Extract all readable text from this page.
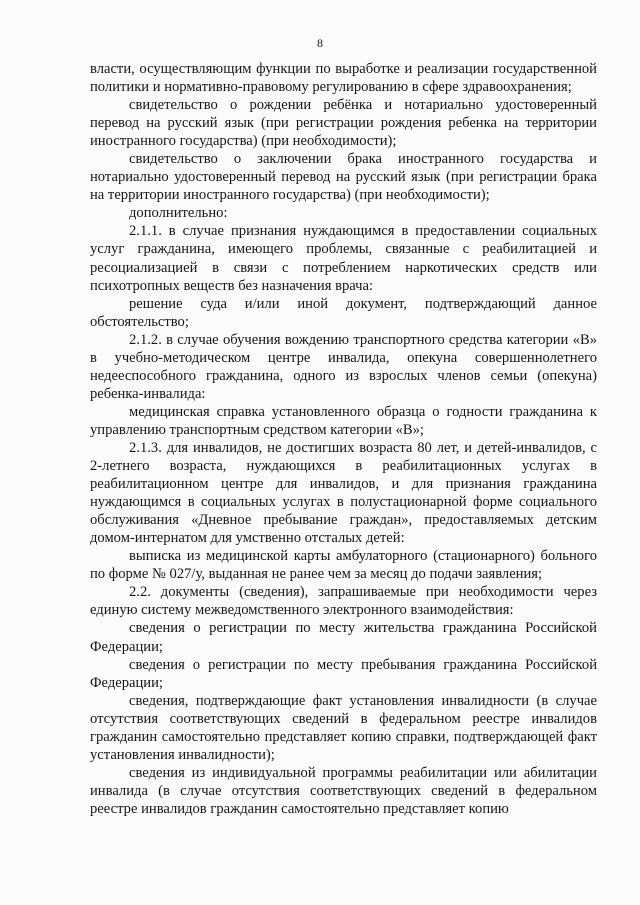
8

власти, осуществляющим функции по выработке и реализации государственной политики и нормативно-правовому регулированию в сфере здравоохранения;

свидетельство о рождении ребёнка и нотариально удостоверенный перевод на русский язык (при регистрации рождения ребенка на территории иностранного государства) (при необходимости);

свидетельство о заключении брака иностранного государства и нотариально удостоверенный перевод на русский язык (при регистрации брака на территории иностранного государства) (при необходимости);

дополнительно:

2.1.1. в случае признания нуждающимся в предоставлении социальных услуг гражданина, имеющего проблемы, связанные с реабилитацией и ресоциализацией в связи с потреблением наркотических средств или психотропных веществ без назначения врача:

решение суда и/или иной документ, подтверждающий данное обстоятельство;

2.1.2. в случае обучения вождению транспортного средства категории «В» в учебно-методическом центре инвалида, опекуна совершеннолетнего недееспособного гражданина, одного из взрослых членов семьи (опекуна) ребенка-инвалида:

медицинская справка установленного образца о годности гражданина к управлению транспортным средством категории «В»;

2.1.3. для инвалидов, не достигших возраста 80 лет, и детей-инвалидов, с 2-летнего возраста, нуждающихся в реабилитационных услугах в реабилитационном центре для инвалидов, и для признания гражданина нуждающимся в социальных услугах в полустационарной форме социального обслуживания «Дневное пребывание граждан», предоставляемых детским домом-интернатом для умственно отсталых детей:

выписка из медицинской карты амбулаторного (стационарного) больного по форме № 027/у, выданная не ранее чем за месяц до подачи заявления;

2.2. документы (сведения), запрашиваемые при необходимости через единую систему межведомственного электронного взаимодействия:

сведения о регистрации по месту жительства гражданина Российской Федерации;

сведения о регистрации по месту пребывания гражданина Российской Федерации;

сведения, подтверждающие факт установления инвалидности (в случае отсутствия соответствующих сведений в федеральном реестре инвалидов гражданин самостоятельно представляет копию справки, подтверждающей факт установления инвалидности);

сведения из индивидуальной программы реабилитации или абилитации инвалида (в случае отсутствия соответствующих сведений в федеральном реестре инвалидов гражданин самостоятельно представляет копию
